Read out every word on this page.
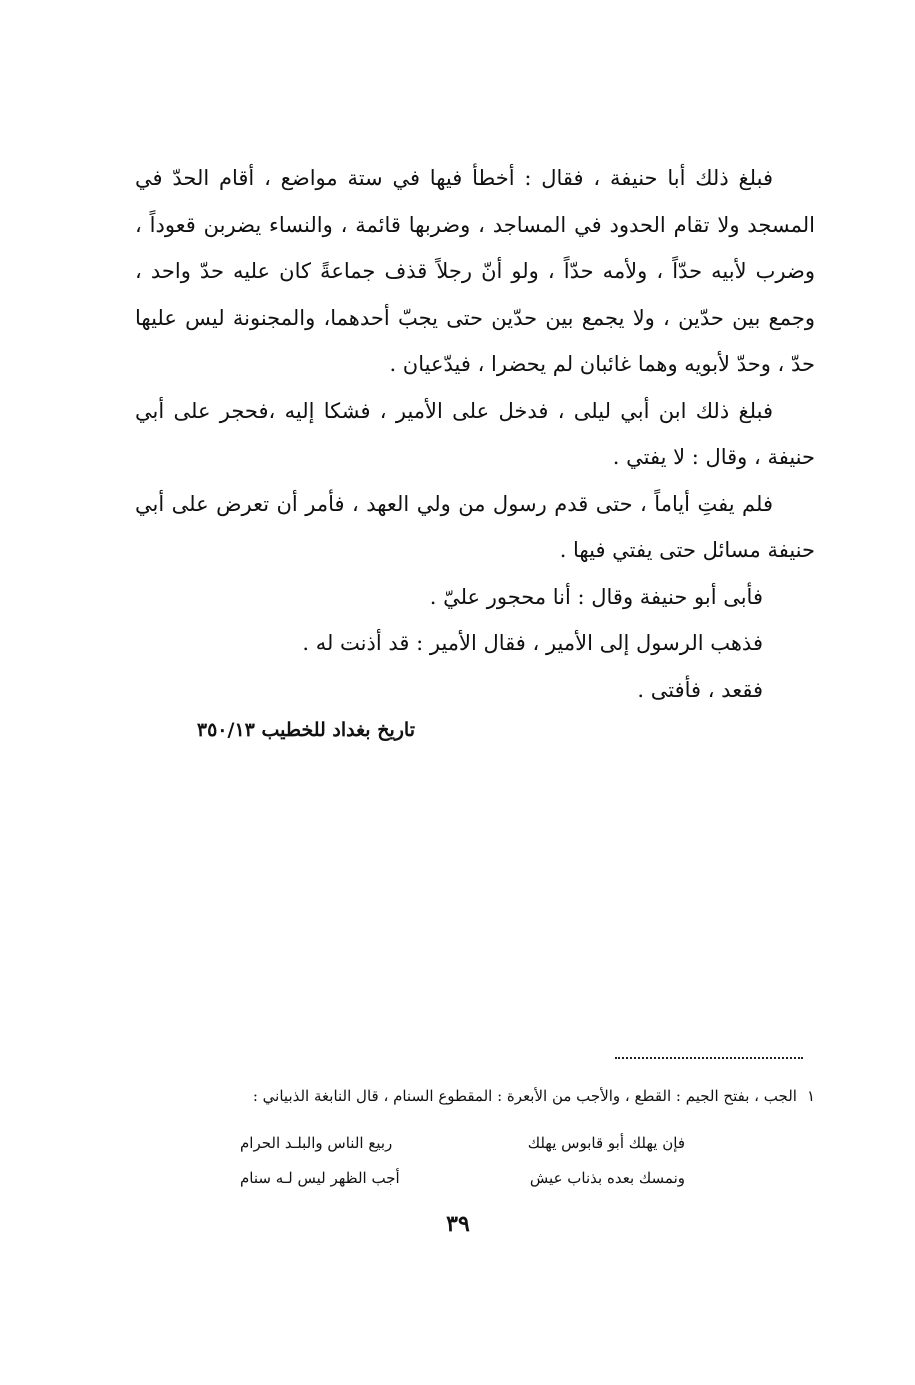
فبلغ ذلك أبا حنيفة ، فقال : أخطأ فيها في ستة مواضع ، أقام الحدّ في المسجد ولا تقام الحدود في المساجد ، وضربها قائمة ، والنساء يضربن قعوداً ، وضرب لأبيه حدّاً ، ولأمه حدّاً ، ولو أنّ رجلاً قذف جماعةً كان عليه حدّ واحد ، وجمع بين حدّين ، ولا يجمع بين حدّين حتى يجبّ أحدهما، والمجنونة ليس عليها حدّ ، وحدّ لأبويه وهما غائبان لم يحضرا ، فيدّعيان .

فبلغ ذلك ابن أبي ليلى ، فدخل على الأمير ، فشكا إليه ،فحجر على أبي حنيفة ، وقال : لا يفتي .

فلم يفتِ أياماً ، حتى قدم رسول من ولي العهد ، فأمر أن تعرض على أبي حنيفة مسائل حتى يفتي فيها .

فأبى أبو حنيفة وقال : أنا محجور عليّ .

فذهب الرسول إلى الأمير ، فقال الأمير : قد أذنت له .

فقعد ، فأفتى .

تاريخ بغداد للخطيب ٣٥٠/١٣
١الجب ، بفتح الجيم : القطع ، والأجب من الأبعرة : المقطوع السنام ، قال النابغة الذبياني :
فإن يهلك أبو قابوس يهلك
ربيع الناس والبلـد الحرام
ونمسك بعده بذناب عيش
أجب الظهر ليس لـه سنام
٣٩
